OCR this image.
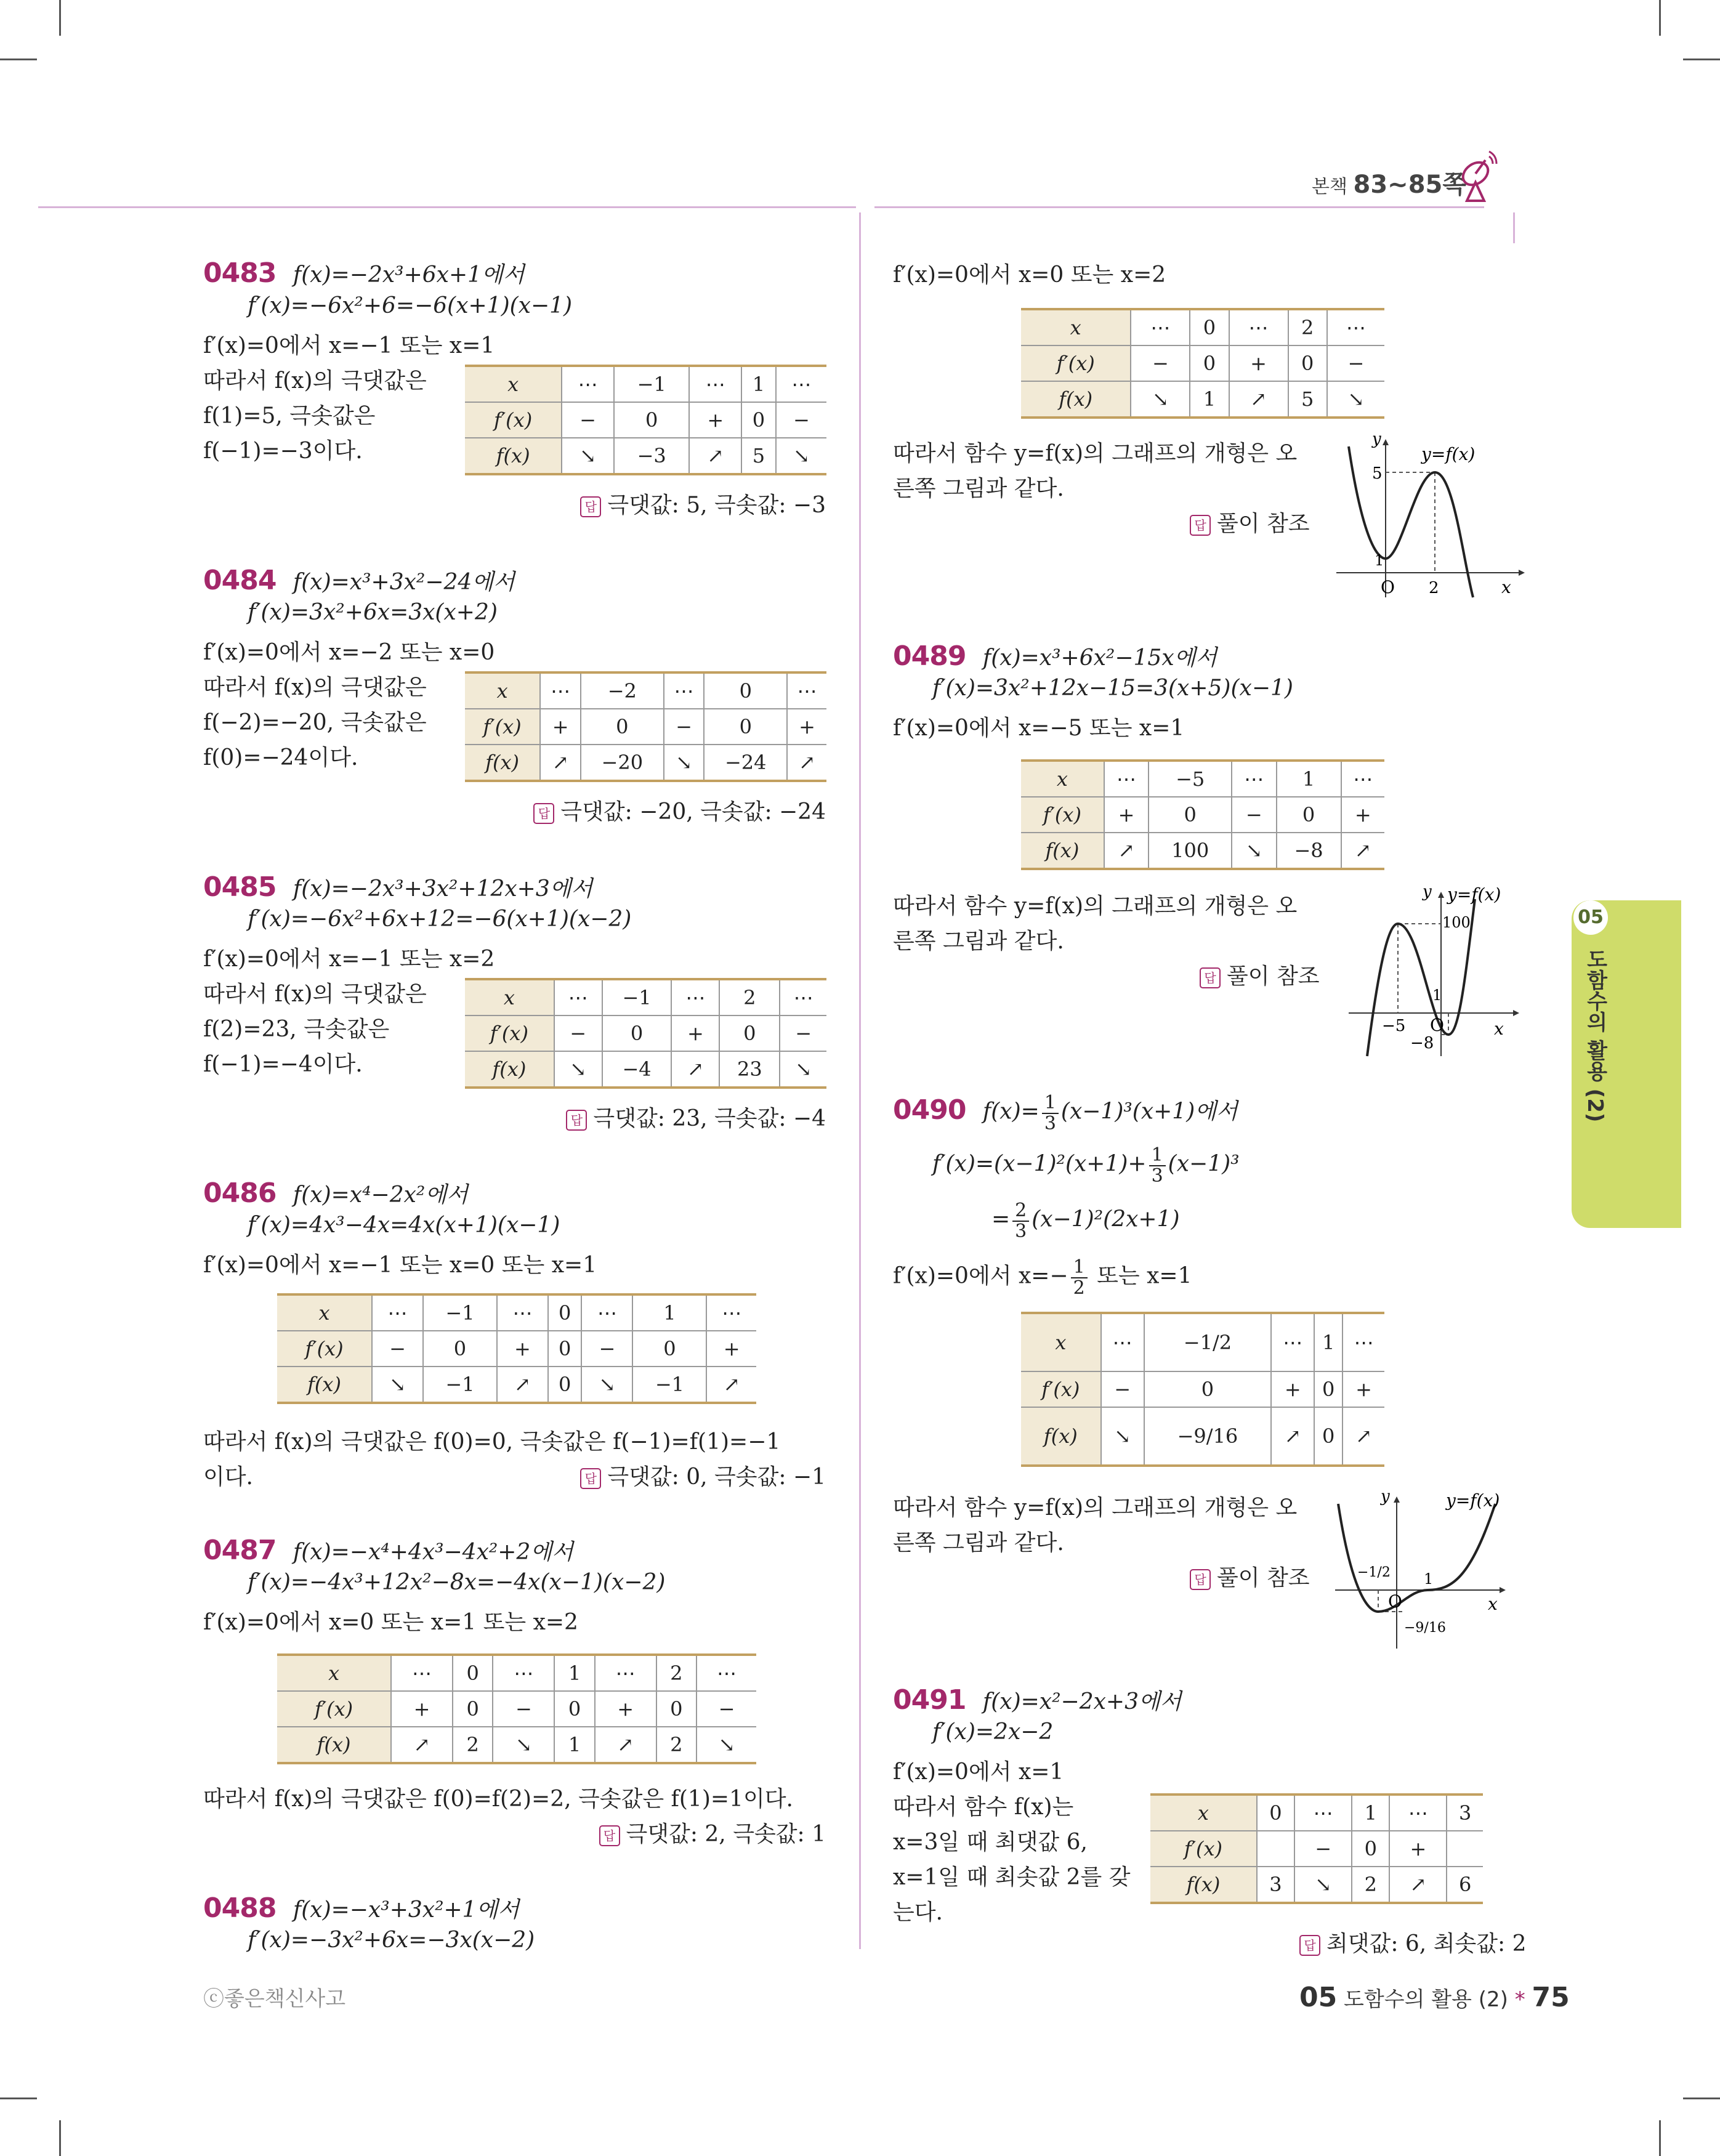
본책 83~85쪽
05
도함수의 활용 (2)
0483 f(x)=−2x³+6x+1에서
f′(x)=−6x²+6=−6(x+1)(x−1)
f′(x)=0에서 x=−1 또는 x=1
따라서 f(x)의 극댓값은
f(1)=5, 극솟값은
f(−1)=−3이다.
x	⋯	−1	⋯	1	⋯
f′(x)	−	0	+	0	−
f(x)	↘	−3	↗	5	↘
답 극댓값: 5, 극솟값: −3
0484 f(x)=x³+3x²−24에서
f′(x)=3x²+6x=3x(x+2)
f′(x)=0에서 x=−2 또는 x=0
따라서 f(x)의 극댓값은
f(−2)=−20, 극솟값은
f(0)=−24이다.
x	⋯	−2	⋯	0	⋯
f′(x)	+	0	−	0	+
f(x)	↗	−20	↘	−24	↗
답 극댓값: −20, 극솟값: −24
0485 f(x)=−2x³+3x²+12x+3에서
f′(x)=−6x²+6x+12=−6(x+1)(x−2)
f′(x)=0에서 x=−1 또는 x=2
따라서 f(x)의 극댓값은
f(2)=23, 극솟값은
f(−1)=−4이다.
x	⋯	−1	⋯	2	⋯
f′(x)	−	0	+	0	−
f(x)	↘	−4	↗	23	↘
답 극댓값: 23, 극솟값: −4
0486 f(x)=x⁴−2x²에서
f′(x)=4x³−4x=4x(x+1)(x−1)
f′(x)=0에서 x=−1 또는 x=0 또는 x=1
x	⋯	−1	⋯	0	⋯	1	⋯
f′(x)	−	0	+	0	−	0	+
f(x)	↘	−1	↗	0	↘	−1	↗
따라서 f(x)의 극댓값은 f(0)=0, 극솟값은 f(−1)=f(1)=−1
이다.	답 극댓값: 0, 극솟값: −1
0487 f(x)=−x⁴+4x³−4x²+2에서
f′(x)=−4x³+12x²−8x=−4x(x−1)(x−2)
f′(x)=0에서 x=0 또는 x=1 또는 x=2
x	⋯	0	⋯	1	⋯	2	⋯
f′(x)	+	0	−	0	+	0	−
f(x)	↗	2	↘	1	↗	2	↘
따라서 f(x)의 극댓값은 f(0)=f(2)=2, 극솟값은 f(1)=1이다.
답 극댓값: 2, 극솟값: 1
0488 f(x)=−x³+3x²+1에서
f′(x)=−3x²+6x=−3x(x−2)
f′(x)=0에서 x=0 또는 x=2
x	⋯	0	⋯	2	⋯
f′(x)	−	0	+	0	−
f(x)	↘	1	↗	5	↘
따라서 함수 y=f(x)의 그래프의 개형은 오
른쪽 그림과 같다.
답 풀이 참조
y
x
O
1
2
5
y=f(x)
0489 f(x)=x³+6x²−15x에서
f′(x)=3x²+12x−15=3(x+5)(x−1)
f′(x)=0에서 x=−5 또는 x=1
x	⋯	−5	⋯	1	⋯
f′(x)	+	0	−	0	+
f(x)	↗	100	↘	−8	↗
따라서 함수 y=f(x)의 그래프의 개형은 오
른쪽 그림과 같다.
답 풀이 참조
y
x
O
100
1
−5
−8
y=f(x)
0490 $f(x)= \frac{1}{3} (x-1)^3(x+1)$에서
$f'(x)=(x-1)^2(x+1)+ \frac{1}{3} (x-1)^3$
= $\frac{2}{3} (x-1)^2(2x+1)$
f′(x)=0에서 $x=- \frac{1}{2}$ 또는 x=1
x	⋯	−1/2	⋯	1	⋯
f′(x)	−	0	+	0	+
f(x)	↘	−9/16	↗	0	↗
따라서 함수 y=f(x)의 그래프의 개형은 오
른쪽 그림과 같다.
답 풀이 참조
y
x
O
1
−1/2
−9/16
y=f(x)
0491 f(x)=x²−2x+3에서
f′(x)=2x−2
f′(x)=0에서 x=1
따라서 함수 f(x)는
x=3일 때 최댓값 6,
x=1일 때 최솟값 2를 갖
는다.
x	0	⋯	1	⋯	3
f′(x)		−	0	+	
f(x)	3	↘	2	↗	6
답 최댓값: 6, 최솟값: 2
ⓒ좋은책신사고	05 도함수의 활용 (2) * 75
